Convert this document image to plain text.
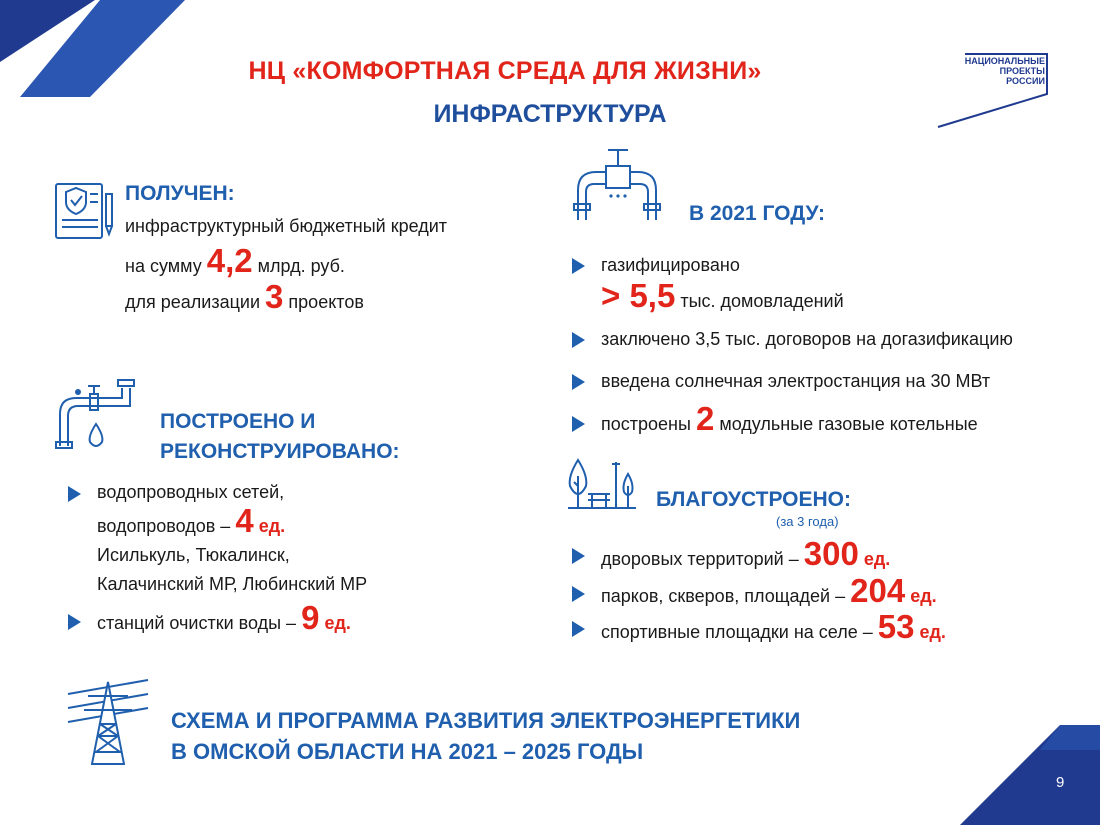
9
НЦ «КОМФОРТНАЯ СРЕДА ДЛЯ ЖИЗНИ»
ИНФРАСТРУКТУРА
НАЦИОНАЛЬНЫЕ
ПРОЕКТЫ
РОССИИ
ПОЛУЧЕН:
инфраструктурный бюджетный кредит
на сумму 4,2 млрд. руб.
для реализации 3 проектов
ПОСТРОЕНО И
РЕКОНСТРУИРОВАНО:
водопроводных сетей,
водопроводов – 4 ед.
Исилькуль, Тюкалинск,
Калачинский МР, Любинский МР
станций очистки воды – 9 ед.
В 2021 ГОДУ:
газифицировано
> 5,5 тыс. домовладений
заключено 3,5 тыс. договоров на догазификацию
введена солнечная электростанция на 30 МВт
построены 2 модульные газовые котельные
БЛАГОУСТРОЕНО:
(за 3 года)
дворовых территорий – 300 ед.
парков, скверов, площадей – 204 ед.
спортивные площадки на селе – 53 ед.
СХЕМА И ПРОГРАММА РАЗВИТИЯ ЭЛЕКТРОЭНЕРГЕТИКИ
В ОМСКОЙ ОБЛАСТИ НА 2021 – 2025 ГОДЫ
